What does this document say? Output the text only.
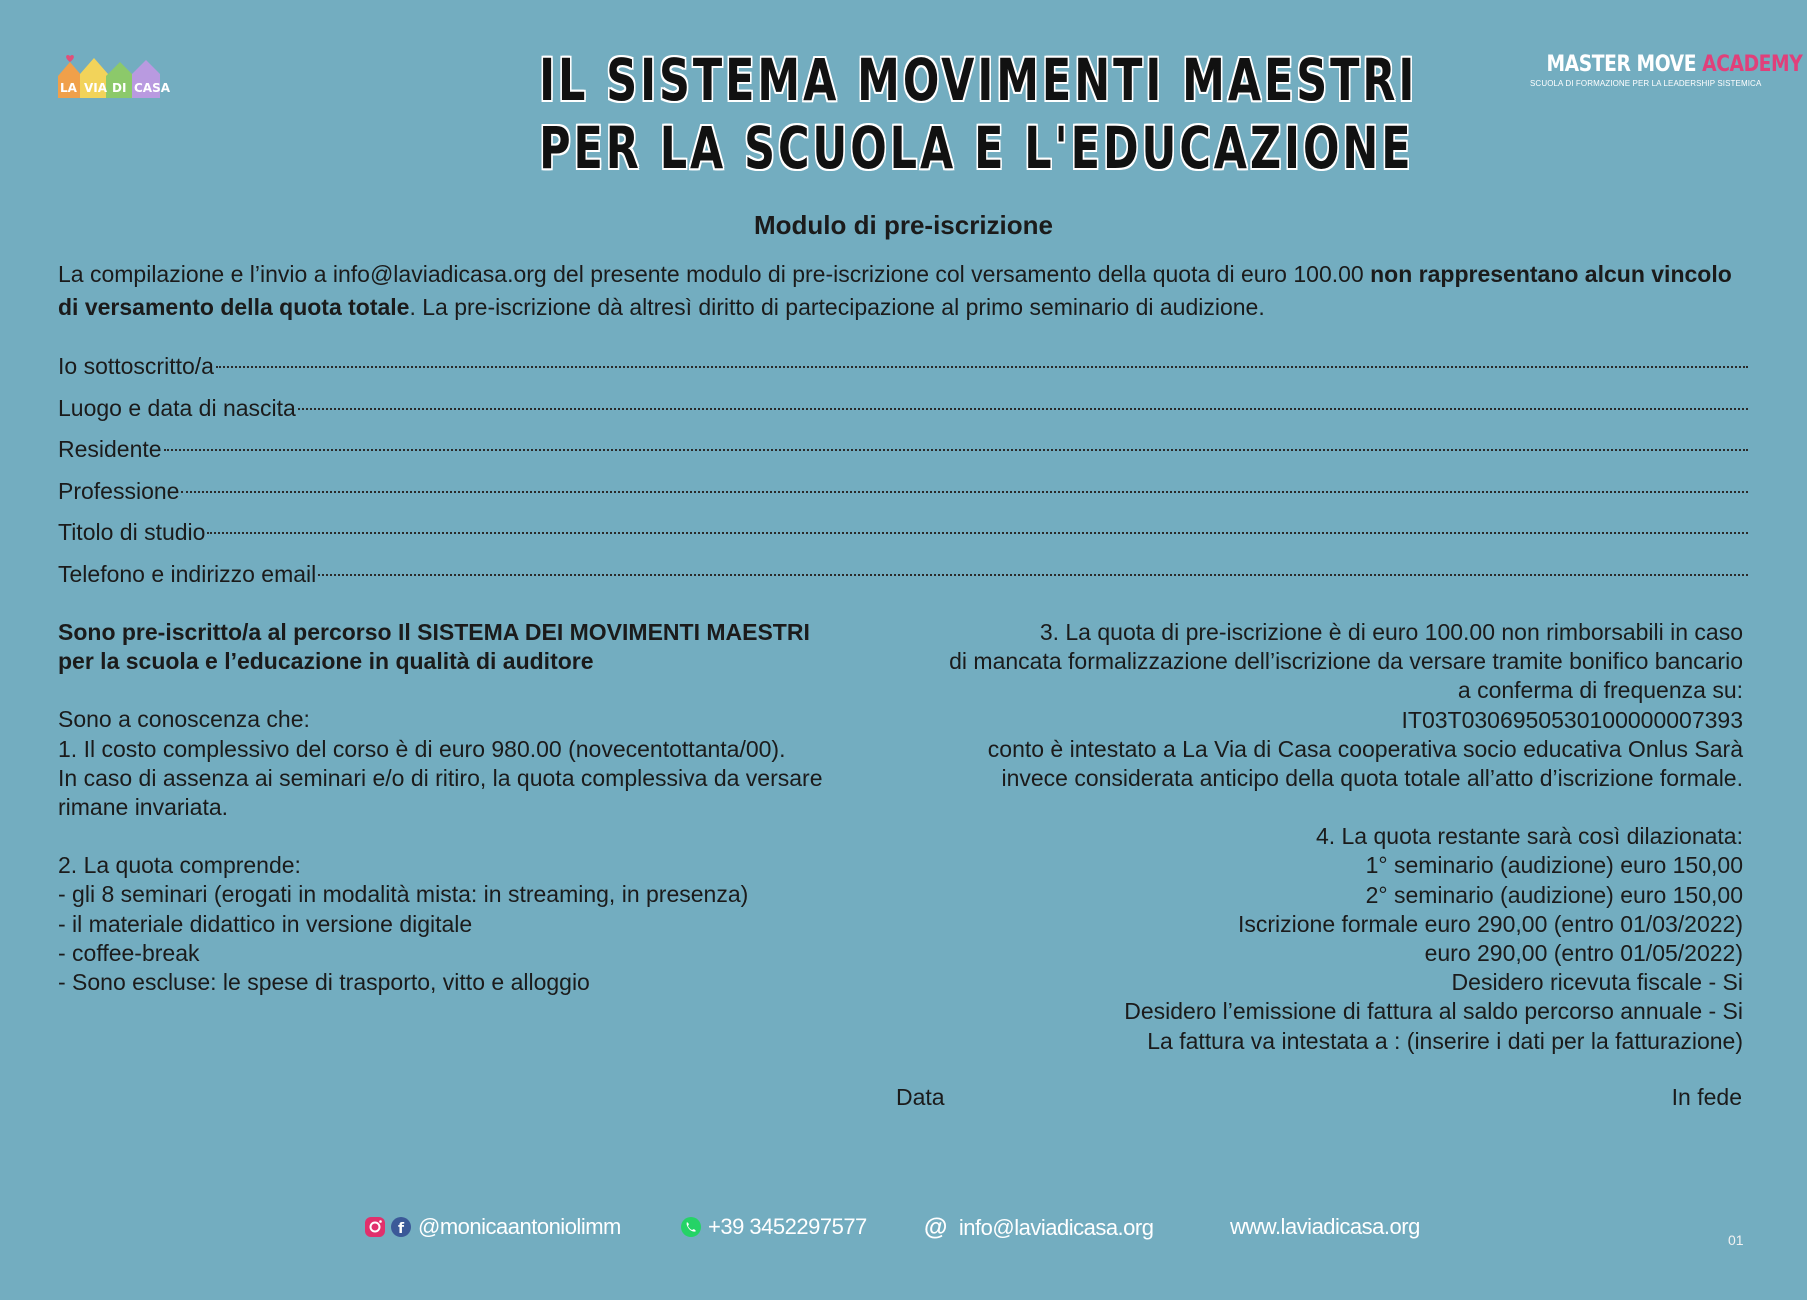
LA VIA DI CASA
MASTER MOVE ACADEMY
SCUOLA DI FORMAZIONE PER LA LEADERSHIP SISTEMICA
IL SISTEMA MOVIMENTI MAESTRI
PER LA SCUOLA E L'EDUCAZIONE
Modulo di pre-iscrizione
La compilazione e l’invio a info@laviadicasa.org del presente modulo di pre-iscrizione col versamento della quota di euro 100.00 non rappresentano alcun vincolo di versamento della quota totale. La pre-iscrizione dà altresì diritto di partecipazione al primo seminario di audizione.
Io sottoscritto/a
Luogo e data di nascita
Residente
Professione
Titolo di studio
Telefono e indirizzo email
Sono pre-iscritto/a al percorso Il SISTEMA DEI MOVIMENTI MAESTRI
per la scuola e l’educazione in qualità di auditore
Sono a conoscenza che:
1. Il costo complessivo del corso è di euro 980.00 (novecentottanta/00).
In caso di assenza ai seminari e/o di ritiro, la quota complessiva da versare
rimane invariata.
2. La quota comprende:
- gli 8 seminari (erogati in modalità mista: in streaming, in presenza)
- il materiale didattico in versione digitale
- coffee-break
- Sono escluse: le spese di trasporto, vitto e alloggio
3. La quota di pre-iscrizione è di euro 100.00 non rimborsabili in caso
di mancata formalizzazione dell’iscrizione da versare tramite bonifico bancario
a conferma di frequenza su:
IT03T0306950530100000007393
conto è intestato a La Via di Casa cooperativa socio educativa Onlus Sarà
invece considerata anticipo della quota totale all’atto d’iscrizione formale.
4. La quota restante sarà così dilazionata:
1° seminario (audizione) euro 150,00
2° seminario (audizione) euro 150,00
Iscrizione formale euro 290,00 (entro 01/03/2022)
euro 290,00 (entro 01/05/2022)
Desidero ricevuta fiscale - Si
Desidero l’emissione di fattura al saldo percorso annuale - Si
La fattura va intestata a : (inserire i dati per la fatturazione)
Data	In fede
f @monicaantoniolimm	+39 3452297577 @ info@laviadicasa.org	www.laviadicasa.org
01
